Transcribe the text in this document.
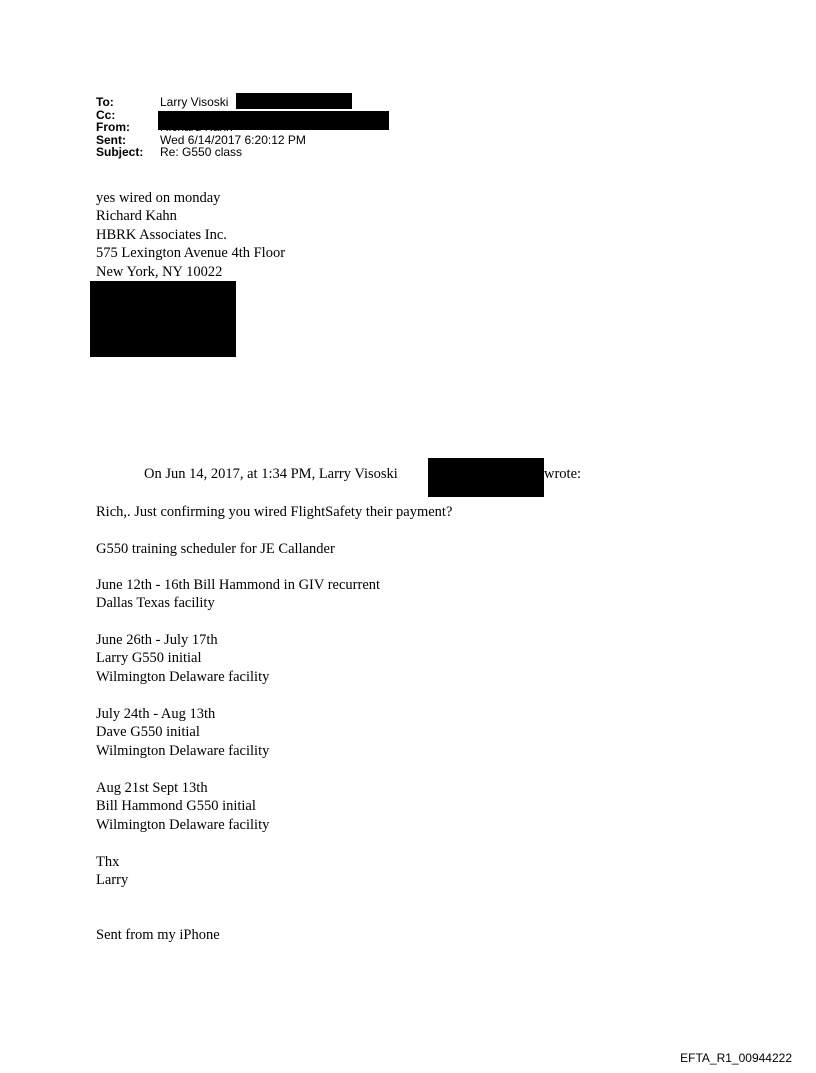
To:	Larry Visoski
Cc:
From:
Sent:	Wed 6/14/2017 6:20:12 PM
Subject: Re: G550 class
yes wired on monday
Richard Kahn
HBRK Associates Inc.
575 Lexington Avenue 4th Floor
New York, NY 10022
On Jun 14, 2017, at 1:34 PM, Larry Visoski	wrote:
Rich,. Just confirming you wired FlightSafety their payment?
G550 training scheduler for JE Callander
June 12th - 16th Bill Hammond in GIV recurrent
Dallas Texas facility
June 26th - July 17th
Larry G550 initial
Wilmington Delaware facility
July 24th - Aug 13th
Dave G550 initial
Wilmington Delaware facility
Aug 21st Sept 13th
Bill Hammond G550 initial
Wilmington Delaware facility
Thx
Larry
Sent from my iPhone
EFTA_R1_00944222
